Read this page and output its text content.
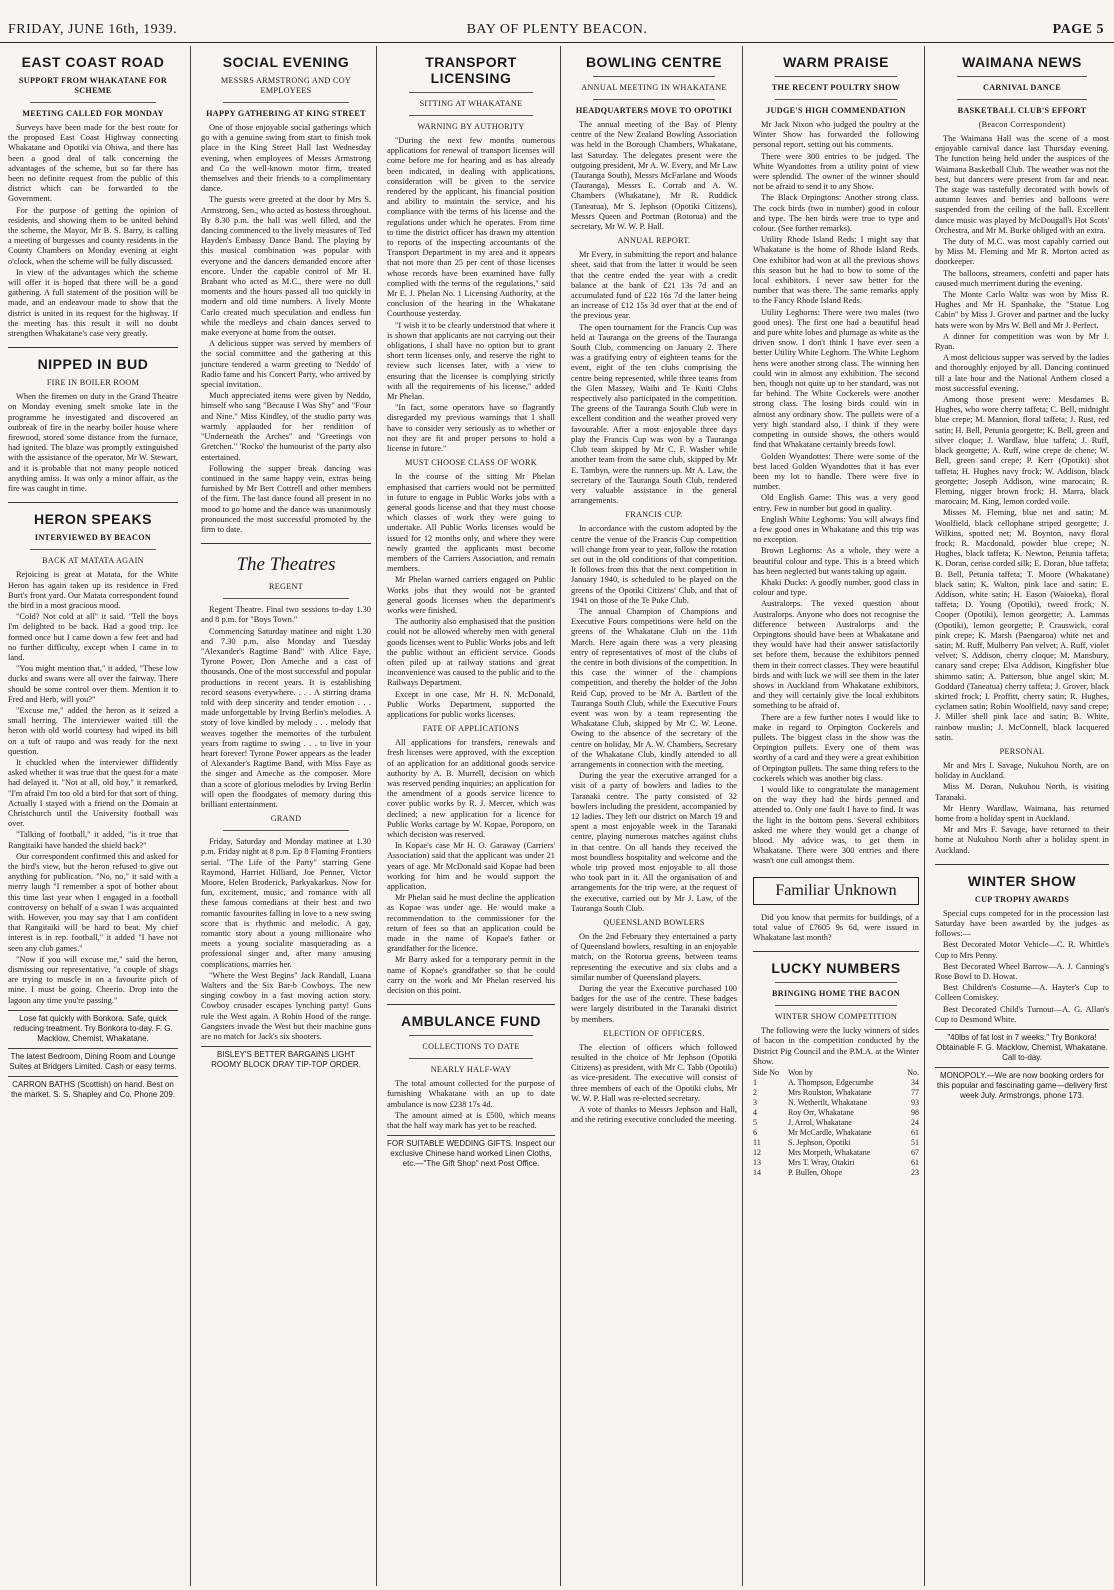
FRIDAY, JUNE 16th, 1939.	BAY OF PLENTY BEACON.	PAGE 5
EAST COAST ROAD
SUPPORT FROM WHAKATANE FOR SCHEME
MEETING CALLED FOR MONDAY

Surveys have been made for the best route for the proposed East Coast Highway connecting Whakatane and Opotiki via Ohiwa, and there has been a good deal of talk concerning the advantages of the scheme, but so far there has been no definite request from the public of this district which can be forwarded to the Government.

For the purpose of getting the opinion of residents, and showing them to be united behind the scheme, the Mayor, Mr B. S. Barry, is calling a meeting of burgesses and county residents in the County Chambers on Monday evening at eight o'clock, when the scheme will be fully discussed.

In view of the advantages which the scheme will offer it is hoped that there will be a good gathering. A full statement of the position will be made, and an endeavour made to show that the district is united in its request for the highway. If the meeting has this result it will no doubt strengthen Whakatane's case very greatly.

NIPPED IN BUD
FIRE IN BOILER ROOM

When the firemen on duty in the Grand Theatre on Monday evening smelt smoke late in the programme he investigated and discovered an outbreak of fire in the nearby boiler house where firewood, stored some distance from the furnace, had ignited. The blaze was promptly extinguished with the assistance of the operator, Mr W. Stewart, and it is probable that not many people noticed anything amiss. It was only a minor affair, as the fire was caught in time.

HERON SPEAKS
INTERVIEWED BY BEACON
BACK AT MATATA AGAIN

Rejoicing is great at Matata, for the White Heron has again taken up its residence in Fred Burt's front yard. Our Matata correspondent found the bird in a most gracious mood.

"Cold? Not cold at all" it said. "Tell the boys I'm delighted to be back. Had a good trip. Ice formed once but I came down a few feet and had no further difficulty, except when I came in to land.

"You might mention that," it added, "These low ducks and swans were all over the fairway. There should be some control over them. Mention it to Fred and Herb, will you?"

"Excuse me," added the heron as it seized a small herring. The interviewer waited till the heron with old world courtesy had wiped its bill on a tuft of raupo and was ready for the next question.

It chuckled when the interviewer diffidently asked whether it was true that the quest for a mate had delayed it. "Not at all, old boy," it remarked, "I'm afraid I'm too old a bird for that sort of thing. Actually I stayed with a friend on the Domain at Christchurch until the University football was over.

"Talking of football," it added, "is it true that Rangitaiki have handed the shield back?"

Our correspondent confirmed this and asked for the bird's view, but the heron refused to give out anything for publication. "No, no," it said with a merry laugh "I remember a spot of bother about this time last year when I engaged in a football controversy on behalf of a swan I was acquainted with. However, you may say that I am confident that Rangitaiki will be hard to beat. My chief interest is in rep. football," it added "I have not seen any club games."

"Now if you will excuse me," said the heron, dismissing our representative, "a couple of shags are trying to muscle in on a favourite pitch of mine. I must be going. Cheerio. Drop into the lagoon any time you're passing."

Lose fat quickly with Bonkora. Safe, quick reducing treatment. Try Bonkora to-day. F. G. Macklow, Chemist, Whakatane.
The latest Bedroom, Dining Room and Lounge Suites at Bridgers Limited. Cash or easy terms.
CARRON BATHS (Scottish) on hand. Best on the market. S. S. Shapley and Co. Phone 209.
SOCIAL EVENING
MESSRS ARMSTRONG AND COY EMPLOYEES
HAPPY GATHERING AT KING STREET

One of those enjoyable social gatherings which go with a genuine swing from start to finish took place in the King Street Hall last Wednesday evening, when employees of Messrs Armstrong and Co the well-known motor firm, treated themselves and their friends to a complimentary dance.

The guests were greeted at the door by Mrs S. Armstrong, Sen., who acted as hostess throughout. By 8.30 p.m. the hall was well filled, and the dancing commenced to the lively measures of Ted Hayden's Embassy Dance Band. The playing by this musical combination was popular with everyone and the dancers demanded encore after encore. Under the capable control of Mr H. Brabant who acted as M.C., there were no dull moments and the hours passed all too quickly in modern and old time numbers. A lively Monte Carlo created much speculation and endless fun while the medleys and chain dances served to make everyone at home from the outset.

A delicious supper was served by members of the social committee and the gathering at this juncture tendered a warm greeting to 'Neddo' of Radio fame and his Concert Party, who arrived by special invitation.

Much appreciated items were given by Neddo, himself who sang "Because I Was Shy" and "Four and Nine." Miss Kindley, of the studio party was warmly applauded for her rendition of "Underneath the Arches" and "Greetings von Gretchen." 'Rocko' the humourist of the party also entertained.

Following the supper break dancing was continued in the same happy vein, extras being furnished by Mr Bert Cottrell and other members of the firm. The last dance found all present in no mood to go home and the dance was unanimously pronounced the most successful promoted by the firm to date.

The Theatres
REGENT

Regent Theatre. Final two sessions to-day 1.30 and 8 p.m. for "Boys Town."

Commencing Saturday matinee and night 1.30 and 7.30 p.m. also Monday and Tuesday "Alexander's Ragtime Band" with Alice Faye, Tyrone Power, Don Ameche and a cast of thousands. One of the most successful and popular productions in recent years. It is establishing record seasons everywhere. . . . A stirring drama told with deep sincerity and tender emotion . . . made unforgettable by Irving Berlin's melodies. A story of love kindled by melody . . . melody that weaves together the memories of the turbulent years from ragtime to swing . . . to live in your heart forever! Tyrone Power appears as the leader of Alexander's Ragtime Band, with Miss Faye as the singer and Ameche as the composer. More than a score of glorious melodies by Irving Berlin will open the floodgates of memory during this brilliant entertainment.

GRAND

Friday, Saturday and Monday matinee at 1.30 p.m. Friday night at 8 p.m. Ep 8 Flaming Frontiers serial. "The Life of the Party" starring Gene Raymond, Harriet Hilliard, Joe Penner, Victor Moore, Helen Broderick, Parkyakarkus. Now for fun, excitement, music, and romance with all these famous comedians at their best and two romantic favourites falling in love to a new swing score that is rhythmic and melodic. A gay, romantic story about a young millionaire who meets a young socialite masquerading as a professional singer and, after many amusing complications, marries her.

"Where the West Begins" Jack Randall, Luana Walters and the Six Bar-b Cowboys. The new singing cowboy in a fast moving action story. Cowboy crusader escapes lynching party! Guns rule the West again. A Robin Hood of the range. Gangsters invade the West but their machine guns are no match for Jack's six shooters.

BISLEY'S BETTER BARGAINS LIGHT ROOMY BLOCK DRAY TIP-TOP ORDER.
TRANSPORT LICENSING
SITTING AT WHAKATANE
WARNING BY AUTHORITY

"During the next few months numerous applications for renewal of transport licenses will come before me for hearing and as has already been indicated, in dealing with applications, consideration will be given to the service rendered by the applicant, his financial position and ability to maintain the service, and his compliance with the terms of his license and the regulations under which he operates. From time to time the district officer has drawn my attention to reports of the inspecting accountants of the Transport Department in my area and it appears that not more than 25 per cent of those licenses whose records have been examined have fully complied with the terms of the regulations," said Mr E. J. Phelan No. 1 Licensing Authority, at the conclusion of the hearing in the Whakatane Courthouse yesterday.

"I wish it to be clearly understood that where it is shown that applicants are not carrying out their obligations, I shall have no option but to grant short term licenses only, and reserve the right to review such licenses later, with a view to ensuring that the licensee is complying strictly with all the requirements of his license," added Mr Phelan.

"In fact, some operators have so flagrantly disregarded my previous warnings that I shall have to consider very seriously as to whether or not they are fit and proper persons to hold a license in future."

MUST CHOOSE CLASS OF WORK

In the course of the sitting Mr Phelan emphasised that carriers would not be permitted in future to engage in Public Works jobs with a general goods license and that they must choose which classes of work they were going to undertake. All Public Works licenses would be issued for 12 months only, and where they were newly granted the applicants must become members of the Carriers Association, and remain members.

Mr Phelan warned carriers engaged on Public Works jobs that they would not be granted general goods licenses when the department's works were finished.

The authority also emphasised that the position could not be allowed whereby men with general goods licenses went to Public Works jobs and left the public without an efficient service. Goods often piled up at railway stations and great inconvenience was caused to the public and to the Railways Department.

Except in one case, Mr H. N. McDonald, Public Works Department, supported the applications for public works licenses.

FATE OF APPLICATIONS

All applications for transfers, renewals and fresh licenses were approved, with the exception of an application for an additional goods service authority by A. B. Murrell, decision on which was reserved pending inquiries; an application for the amendment of a goods service licence to cover public works by R. J. Mercer, which was declined; a new application for a licence for Public Works cartage by W. Kopae, Poroporo, on which decision was reserved.

In Kopae's case Mr H. O. Garaway (Carriers' Association) said that the applicant was under 21 years of age. Mr McDonald said Kopae had been working for him and he would support the application.

Mr Phelan said he must decline the application as Kopae was under age. He would make a recommendation to the commissioner for the return of fees so that an application could be made in the name of Kopae's father or grandfather for the licence.

Mr Barry asked for a temporary permit in the name of Kopae's grandfather so that he could carry on the work and Mr Phelan reserved his decision on this point.

AMBULANCE FUND
COLLECTIONS TO DATE
NEARLY HALF-WAY

The total amount collected for the purpose of furnishing Whakatane with an up to date ambulance is now £238 17s 4d.

The amount aimed at is £500, which means that the half way mark has yet to be reached.

FOR SUITABLE WEDDING GIFTS. Inspect our exclusive Chinese hand worked Linen Cloths, etc.—"The Gift Shop" next Post Office.
BOWLING CENTRE
ANNUAL MEETING IN WHAKATANE
HEADQUARTERS MOVE TO OPOTIKI

The annual meeting of the Bay of Plenty centre of the New Zealand Bowling Association was held in the Borough Chambers, Whakatane, last Saturday. The delegates present were the outgoing president, Mr A. W. Every, and Mr Law (Tauranga South), Messrs McFarlane and Woods (Tauranga), Messrs E. Corrab and A. W. Chambers (Whakatane), Mr R. Ruddick (Taneatua), Mr S. Jephson (Opotiki Citizens), Messrs Queen and Portman (Rotorua) and the secretary, Mr W. W. P. Hall.

ANNUAL REPORT.

Mr Every, in submitting the report and balance sheet, said that from the latter it would be seen that the centre ended the year with a credit balance at the bank of £21 13s 7d and an accumulated fund of £22 16s 7d the latter being an increase of £12 15s 3d over that at the end of the previous year.

The open tournament for the Francis Cup was held at Tauranga on the greens of the Tauranga South Club, commencing on January 2. There was a gratifying entry of eighteen teams for the event, eight of the ten clubs comprising the centre being represented, while three teams from the Glen Massey, Waihi and Te Kuiti Clubs respectively also participated in the competition. The greens of the Tauranga South Club were in excellent condition and the weather proved very favourable. After a most enjoyable three days play the Francis Cup was won by a Tauranga Club team skipped by Mr C. F. Washer while another team from the same club, skipped by Mr E. Tambyn, were the runners up. Mr A. Law, the secretary of the Tauranga South Club, rendered very valuable assistance in the general arrangements.

FRANCIS CUP.

In accordance with the custom adopted by the centre the venue of the Francis Cup competition will change from year to year, follow the rotation set out in the old conditions of that competition. It follows from this that the next competition in January 1940, is scheduled to be played on the greens of the Opotiki Citizens' Club, and that of 1941 on those of the Te Puke Club.

The annual Champion of Champions and Executive Fours competitions were held on the greens of the Whakatane Club on the 11th March. Here again there was a very pleasing entry of representatives of most of the clubs of the centre in both divisions of the competition. In this case the winner of the champions competition, and thereby the holder of the John Reid Cup, proved to be Mr A. Bartlett of the Tauranga South Club, while the Executive Fours event was won by a team representing the Whakatane Club, skipped by Mr C. W. Leone. Owing to the absence of the secretary of the centre on holiday, Mr A. W. Chambers, Secretary of the Whakatane Club, kindly attended to all arrangements in connection with the meeting.

During the year the executive arranged for a visit of a party of bowlers and ladies to the Taranaki centre. The party consisted of 32 bowlers including the president, accompanied by 12 ladies. They left our district on March 19 and spent a most enjoyable week in the Taranaki centre, playing numerous matches against clubs in that centre. On all hands they received the most boundless hospitality and welcome and the whole trip proved most enjoyable to all those who took part in it. All the organisation of and arrangements for the trip were, at the request of the executive, carried out by Mr J. Law, of the Tauranga South Club.

QUEENSLAND BOWLERS

On the 2nd February they entertained a party of Queensland bowlers, resulting in an enjoyable match, on the Rotorua greens, between teams representing the executive and six clubs and a similar number of Queensland players.

During the year the Executive purchased 100 badges for the use of the centre. These badges were largely distributed in the Taranaki district by members.

ELECTION OF OFFICERS.

The election of officers which followed resulted in the choice of Mr Jephson (Opotiki Citizens) as president, with Mr C. Tabb (Opotiki) as vice-president. The executive will consist of three members of each of the Opotiki clubs, Mr W. W. P. Hall was re-elected secretary.

A vote of thanks to Messrs Jephson and Hall, and the retiring executive concluded the meeting.

WARM PRAISE
THE RECENT POULTRY SHOW
JUDGE'S HIGH COMMENDATION

Mr Jack Nixon who judged the poultry at the Winter Show has forwarded the following personal report, setting out his comments.

There were 300 entries to be judged. The White Wyandottes from a utility point of view were splendid. The owner of the winner should not be afraid to send it to any Show.

The Black Orpingtons: Another strong class. The cock birds (two in number) good in colour and type. The hen birds were true to type and colour. (See further remarks).

Utility Rhode Island Reds: I might say that Whakatane is the home of Rhode Island Reds. One exhibitor had won at all the previous shows this season but he had to bow to some of the local exhibitors. I never saw better for the number that was there. The same remarks apply to the Fancy Rhode Island Reds.

Utility Leghorns: There were two males (two good ones). The first one had a beautiful head and pure white lobes and plumage as white as the driven snow. I don't think I have ever seen a better Utility White Leghorn. The White Leghorn hens were another strong class. The winning hen could win in almost any exhibition. The second hen, though not quite up to her standard, was not far behind. The White Cockerels were another strong class. The losing birds could win in almost any ordinary show. The pullets were of a very high standard also, I think if they were competing in outside shows, the others would find that Whakatane certainly breeds fowl.

Golden Wyandottes: There were some of the best laced Golden Wyandottes that it has ever been my lot to handle. There were five in number.

Old English Game: This was a very good entry. Few in number but good in quality.

English White Leghorns: You will always find a few good ones in Whakatane and this trip was no exception.

Brown Leghorns: As a whole, they were a beautiful colour and type. This is a breed which has been neglected but wants taking up again.

Khaki Ducks: A goodly number, good class in colour and type.

Australorps. The vexed question about Australorps. Anyone who does not recognise the difference between Australorps and the Orpingtons should have been at Whakatane and they would have had their answer satisfactorily set before them, because the exhibitors penned them in their correct classes. They were beautiful birds and with luck we will see them in the later shows in Auckland from Whakatane exhibitors, and they will certainly give the local exhibitors something to be afraid of.

There are a few further notes I would like to make in regard to Orpington Cockerels and pullets. The biggest class in the show was the Orpington pullets. Every one of them was worthy of a card and they were a great exhibition of Orpington pullets. The same thing refers to the cockerels which was another big class.

I would like to congratulate the management on the way they had the birds penned and attended to. Only one fault I have to find. It was the light in the bottom pens. Several exhibitors asked me where they would get a change of blood. My advice was, to get them in Whakatane. There were 300 entries and there wasn't one cull amongst them.

Familiar Unknown

Did you know that permits for buildings, of a total value of £7605 9s 6d, were issued in Whakatane last month?

LUCKY NUMBERS
BRINGING HOME THE BACON
WINTER SHOW COMPETITION

The following were the lucky winners of sides of bacon in the competition conducted by the District Pig Council and the P.M.A. at the Winter Show.

Side No	Won by	No.
1	A. Thompson, Edgecumbe	34
2	Mrs Roulston, Whakatane	77
3	N. Wetherilt, Whakatane	93
4	Roy Orr, Whakatane	98
5	J. Arrol, Whakatane	24
6	Mr McCardle, Whakatane	61
11	S. Jephson, Opotiki	51
12	Mrs Morpeth, Whakatane	67
13	Mrs T. Wray, Otakiri	61
14	P. Bullen, Ohope	23
WAIMANA NEWS
CARNIVAL DANCE
BASKETBALL CLUB'S EFFORT
(Beacon Correspondent)

The Waimana Hall was the scene of a most enjoyable carnival dance last Thursday evening. The function being held under the auspices of the Waimana Basketball Club. The weather was not the best, but dancers were present from far and near. The stage was tastefully decorated with bowls of autumn leaves and berries and balloons were suspended from the ceiling of the hall. Excellent dance music was played by McDougall's Hot Scots' Orchestra, and Mr M. Burke obliged with an extra.

The duty of M.C. was most capably carried out by Miss M. Fleming and Mr R. Morton acted as doorkeeper.

The balloons, streamers, confetti and paper hats caused much merriment during the evening.

The Monte Carlo Waltz was won by Miss R. Hughes and Mr H. Spanhake, the "Statue Log Cabin" by Miss J. Grover and partner and the lucky hats were won by Mrs W. Bell and Mr J. Perfect.

A dinner for competition was won by Mr J. Ryan.

A most delicious supper was served by the ladies and thoroughly enjoyed by all. Dancing continued till a late hour and the National Anthem closed a most successful evening.

Among those present were: Mesdames B. Hughes, who wore cherry taffeta; C. Bell, midnight blue crepe; M. Mannion, floral taffeta; J. Rust, red satin; H. Bell, Petunia georgette; K. Bell, green and silver cloque; J. Wardlaw, blue taffeta; J. Ruff, black georgette; A. Ruff, wine crepe de chene; W. Bell, green sand crepe; P. Kerr (Opotiki) shot taffeta; H. Hughes navy frock; W. Addison, black georgette; Joseph Addison, wine marocain; R. Fleming, nigger brown frock; H. Marra, black marocain; M. King, lemon corded voile.

Misses M. Fleming, blue net and satin; M. Woolfield, black cellophane striped georgette; J. Wilkins, spotted net; M. Boynton, navy floral frock; R. Macdonald, powder blue crepe; N. Hughes, black taffeta; K. Newton, Petunia taffeta; K. Doran, cerise corded silk; E. Doran, blue taffeta; B. Bell, Petunia taffeta; T. Moore (Whakatane) black satin; K. Walton, pink lace and satin; E. Addison, white satin; H. Eason (Waioeka), floral taffeta; D. Young (Opotiki), tweed frock; N. Cooper (Opotiki), lemon georgette; A. Lammas (Opotiki), lemon georgette; P. Crauswick, coral pink crepe; K. Marsh (Paengaroa) white net and satin; M. Ruff, Mulberry Pan velvet; A. Ruff, violet velvet; S. Addison, cherry cloque; M. Mansbury, canary sand crepe; Elva Addison, Kingfisher blue shimmo satin; A. Patterson, blue angel skin; M. Goddard (Taneatua) cherry taffeta; J. Grover, black skirted frock; I. Proffitt, cherry satin; R. Hughes, cyclamen satin; Robin Woolfield, navy sand crepe; J. Miller shell pink lace and satin; B. White, rainbow muslin; J. McConnell, black lacquered satin.

PERSONAL

Mr and Mrs I. Savage, Nukuhou North, are on holiday in Auckland.

Miss M. Doran, Nukuhou North, is visiting Taranaki.

Mr Henry Wardlaw, Waimana, has returned home from a holiday spent in Auckland.

Mr and Mrs F. Savage, have returned to their home at Nukuhou North after a holiday spent in Auckland.

WINTER SHOW
CUP TROPHY AWARDS

Special cups competed for in the procession last Saturday have been awarded by the judges as follows:—

Best Decorated Motor Vehicle—C. R. Whittle's Cup to Mrs Penny.

Best Decorated Wheel Barrow—A. J. Canning's Rose Bowl to D. Howat.

Best Children's Costume—A. Hayter's Cup to Colleen Comiskey.

Best Decorated Child's Turnout—A. G. Allan's Cup to Desmond White.

"40lbs of fat lost in 7 weeks." Try Bonkora! Obtainable F. G. Macklow, Chemist, Whakatane. Call to-day.
MONOPOLY.—We are now booking orders for this popular and fascinating game—delivery first week July. Armstrongs, phone 173.
